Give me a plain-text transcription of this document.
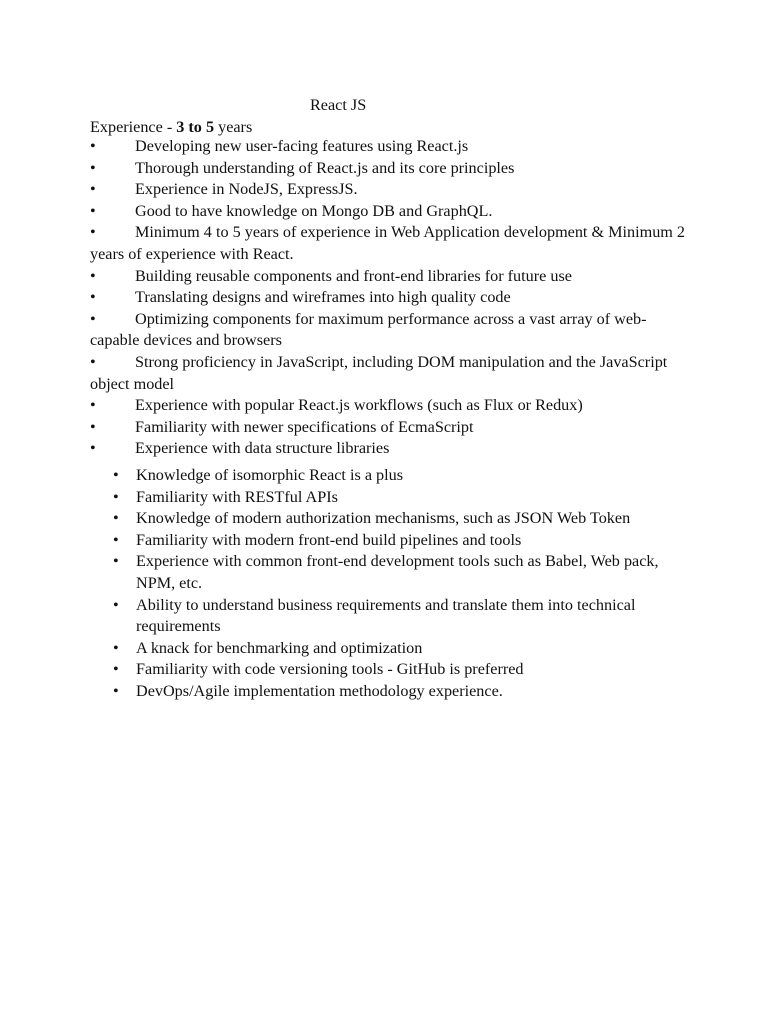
React JS
Experience - 3 to 5 years
• Developing new user-facing features using React.js
• Thorough understanding of React.js and its core principles
• Experience in NodeJS, ExpressJS.
• Good to have knowledge on Mongo DB and GraphQL.
• Minimum 4 to 5 years of experience in Web Application development & Minimum 2 years of experience with React.
• Building reusable components and front-end libraries for future use
• Translating designs and wireframes into high quality code
• Optimizing components for maximum performance across a vast array of web-capable devices and browsers
• Strong proficiency in JavaScript, including DOM manipulation and the JavaScript object model
• Experience with popular React.js workflows (such as Flux or Redux)
• Familiarity with newer specifications of EcmaScript
• Experience with data structure libraries
• Knowledge of isomorphic React is a plus
• Familiarity with RESTful APIs
• Knowledge of modern authorization mechanisms, such as JSON Web Token
• Familiarity with modern front-end build pipelines and tools
• Experience with common front-end development tools such as Babel, Web pack, NPM, etc.
• Ability to understand business requirements and translate them into technical requirements
• A knack for benchmarking and optimization
• Familiarity with code versioning tools - GitHub is preferred
• DevOps/Agile implementation methodology experience.
